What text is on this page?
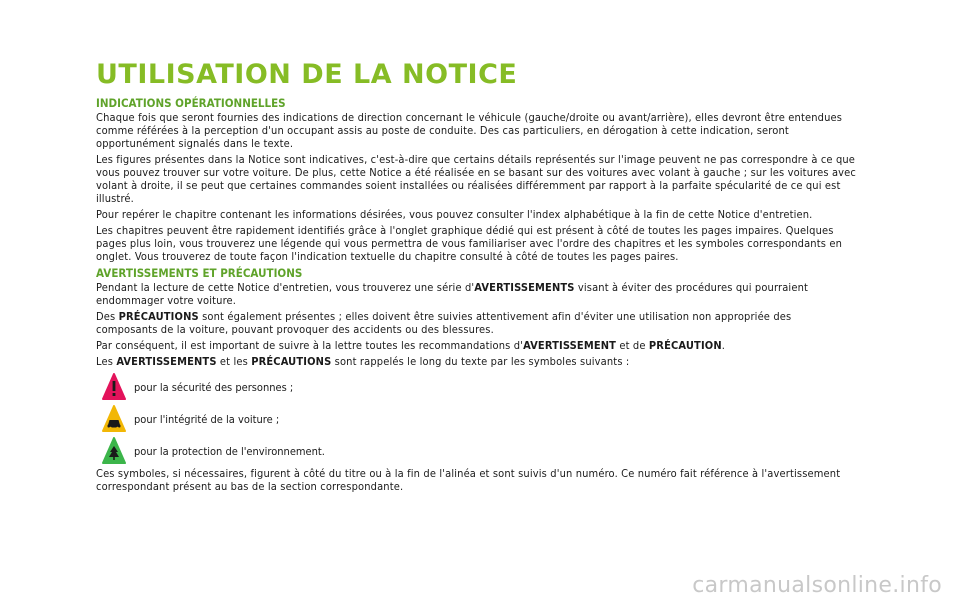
UTILISATION DE LA NOTICE
INDICATIONS OPÉRATIONNELLES

Chaque fois que seront fournies des indications de direction concernant le véhicule (gauche/droite ou avant/arrière), elles devront être entendues comme référées à la perception d'un occupant assis au poste de conduite. Des cas particuliers, en dérogation à cette indication, seront opportunément signalés dans le texte.

Les figures présentes dans la Notice sont indicatives, c'est-à-dire que certains détails représentés sur l'image peuvent ne pas correspondre à ce que vous pouvez trouver sur votre voiture. De plus, cette Notice a été réalisée en se basant sur des voitures avec volant à gauche ; sur les voitures avec volant à droite, il se peut que certaines commandes soient installées ou réalisées différemment par rapport à la parfaite spécularité de ce qui est illustré.

Pour repérer le chapitre contenant les informations désirées, vous pouvez consulter l'index alphabétique à la fin de cette Notice d'entretien.

Les chapitres peuvent être rapidement identifiés grâce à l'onglet graphique dédié qui est présent à côté de toutes les pages impaires. Quelques pages plus loin, vous trouverez une légende qui vous permettra de vous familiariser avec l'ordre des chapitres et les symboles correspondants en onglet. Vous trouverez de toute façon l'indication textuelle du chapitre consulté à côté de toutes les pages paires.

AVERTISSEMENTS ET PRÉCAUTIONS

Pendant la lecture de cette Notice d'entretien, vous trouverez une série d'AVERTISSEMENTS visant à éviter des procédures qui pourraient endommager votre voiture.

Des PRÉCAUTIONS sont également présentes ; elles doivent être suivies attentivement afin d'éviter une utilisation non appropriée des composants de la voiture, pouvant provoquer des accidents ou des blessures.

Par conséquent, il est important de suivre à la lettre toutes les recommandations d'AVERTISSEMENT et de PRÉCAUTION.

Les AVERTISSEMENTS et les PRÉCAUTIONS sont rappelés le long du texte par les symboles suivants :

pour la sécurité des personnes ;
pour l'intégrité de la voiture ;
pour la protection de l'environnement.

Ces symboles, si nécessaires, figurent à côté du titre ou à la fin de l'alinéa et sont suivis d'un numéro. Ce numéro fait référence à l'avertissement correspondant présent au bas de la section correspondante.

carmanualsonline.info
